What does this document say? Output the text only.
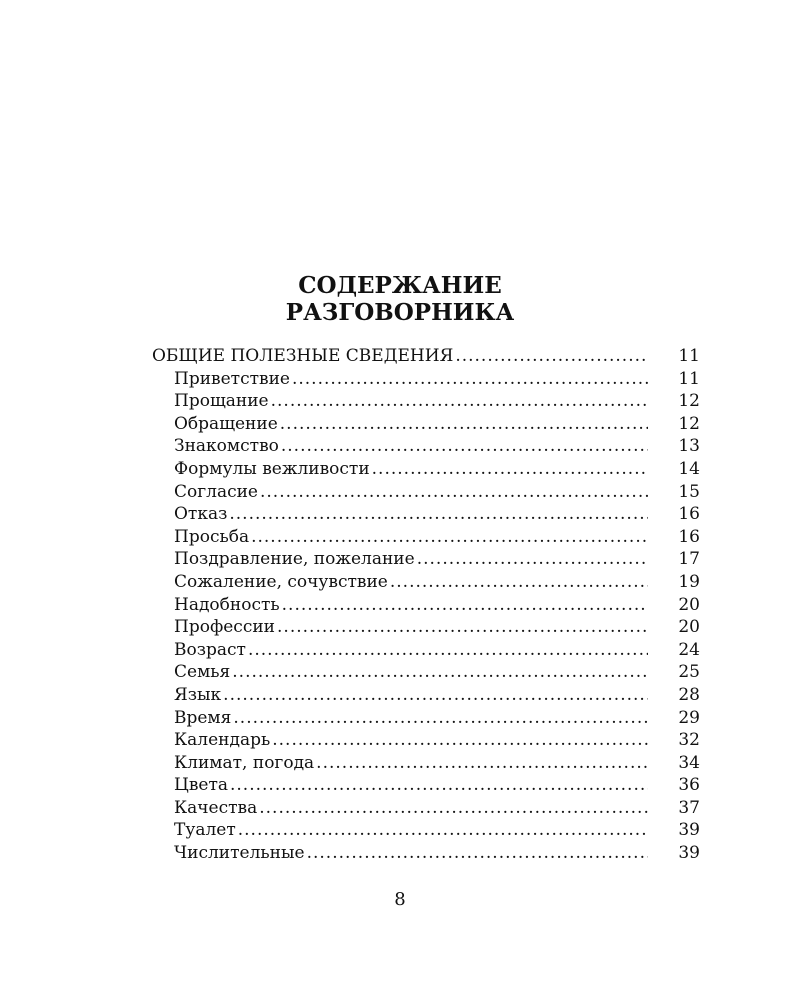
СОДЕРЖАНИЕ
РАЗГОВОРНИКА
ОБЩИЕ ПОЛЕЗНЫЕ СВЕДЕНИЯ .....	11
Приветствие .....	11
Прощание .....	12
Обращение .....	12
Знакомство .....	13
Формулы вежливости .....	14
Согласие .....	15
Отказ .....	16
Просьба .....	16
Поздравление, пожелание .....	17
Сожаление, сочувствие .....	19
Надобность .....	20
Профессии .....	20
Возраст .....	24
Семья .....	25
Язык .....	28
Время .....	29
Календарь .....	32
Климат, погода .....	34
Цвета .....	36
Качества .....	37
Туалет .....	39
Числительные .....	39
8
